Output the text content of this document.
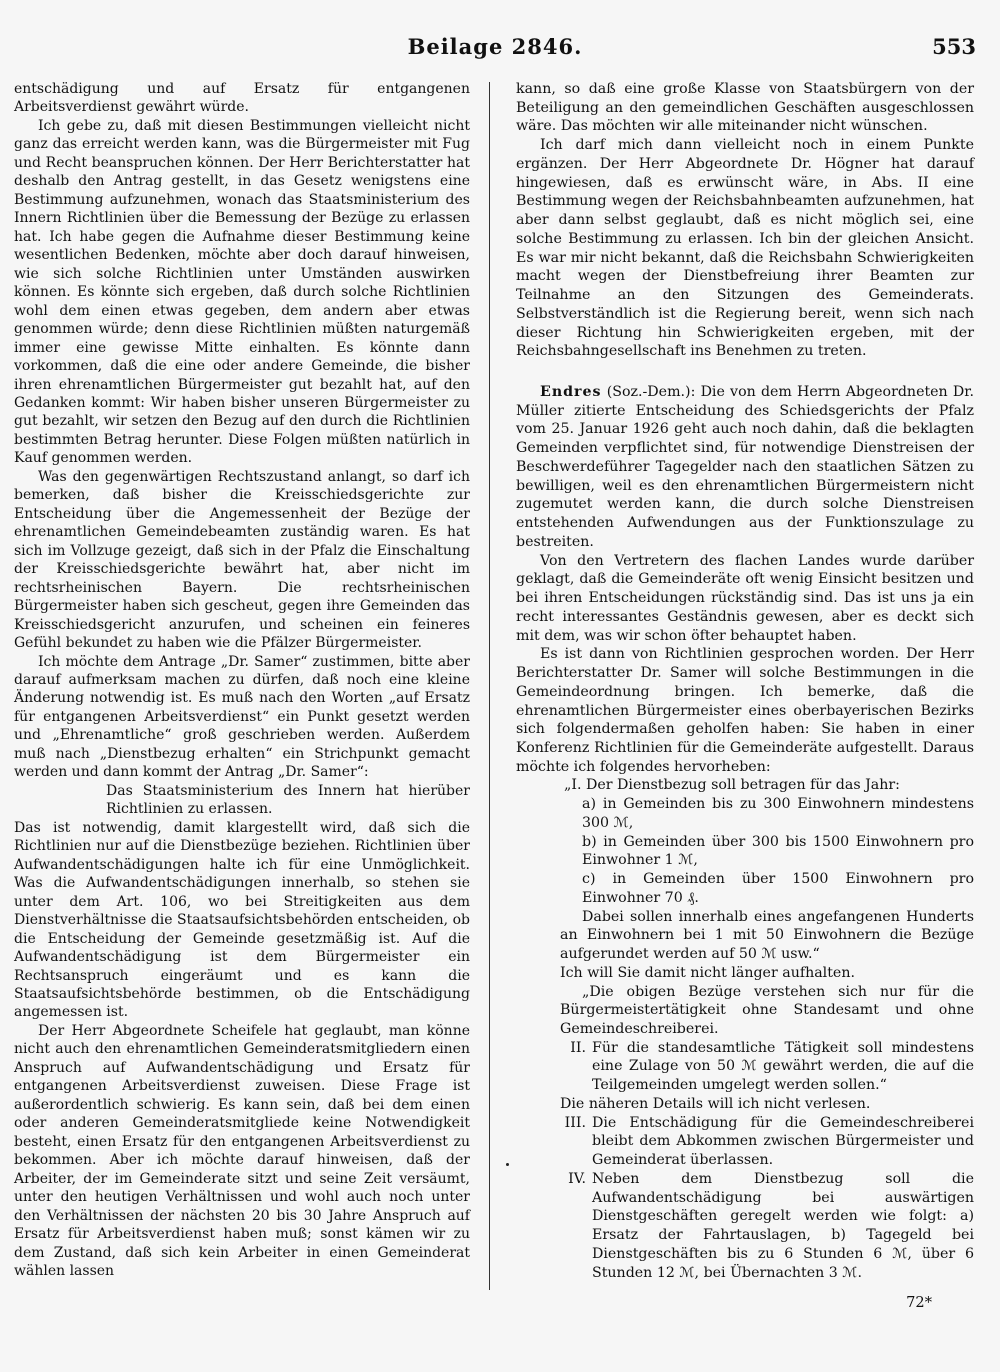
Beilage 2846.	553

entschädigung und auf Ersatz für entgangenen Arbeitsverdienst gewährt würde.

Ich gebe zu, daß mit diesen Bestimmungen vielleicht nicht ganz das erreicht werden kann, was die Bürgermeister mit Fug und Recht beanspruchen können. Der Herr Berichterstatter hat deshalb den Antrag gestellt, in das Gesetz wenigstens eine Bestimmung aufzunehmen, wonach das Staatsministerium des Innern Richtlinien über die Bemessung der Bezüge zu erlassen hat. Ich habe gegen die Aufnahme dieser Bestimmung keine wesentlichen Bedenken, möchte aber doch darauf hinweisen, wie sich solche Richtlinien unter Umständen auswirken können. Es könnte sich ergeben, daß durch solche Richtlinien wohl dem einen etwas gegeben, dem andern aber etwas genommen würde; denn diese Richtlinien müßten naturgemäß immer eine gewisse Mitte einhalten. Es könnte dann vorkommen, daß die eine oder andere Gemeinde, die bisher ihren ehrenamtlichen Bürgermeister gut bezahlt hat, auf den Gedanken kommt: Wir haben bisher unseren Bürgermeister zu gut bezahlt, wir setzen den Bezug auf den durch die Richtlinien bestimmten Betrag herunter. Diese Folgen müßten natürlich in Kauf genommen werden.

Was den gegenwärtigen Rechtszustand anlangt, so darf ich bemerken, daß bisher die Kreisschiedsgerichte zur Entscheidung über die Angemessenheit der Bezüge der ehrenamtlichen Gemeindebeamten zuständig waren. Es hat sich im Vollzuge gezeigt, daß sich in der Pfalz die Einschaltung der Kreisschiedsgerichte bewährt hat, aber nicht im rechtsrheinischen Bayern. Die rechtsrheinischen Bürgermeister haben sich gescheut, gegen ihre Gemeinden das Kreisschiedsgericht anzurufen, und scheinen ein feineres Gefühl bekundet zu haben wie die Pfälzer Bürgermeister.

Ich möchte dem Antrage „Dr. Samer“ zustimmen, bitte aber darauf aufmerksam machen zu dürfen, daß noch eine kleine Änderung notwendig ist. Es muß nach den Worten „auf Ersatz für entgangenen Arbeitsverdienst“ ein Punkt gesetzt werden und „Ehrenamtliche“ groß geschrieben werden. Außerdem muß nach „Dienstbezug erhalten“ ein Strichpunkt gemacht werden und dann kommt der Antrag „Dr. Samer“:

Das Staatsministerium des Innern hat hierüber Richtlinien zu erlassen.

Das ist notwendig, damit klargestellt wird, daß sich die Richtlinien nur auf die Dienstbezüge beziehen. Richtlinien über Aufwandentschädigungen halte ich für eine Unmöglichkeit. Was die Aufwandentschädigungen innerhalb, so stehen sie unter dem Art. 106, wo bei Streitigkeiten aus dem Dienstverhältnisse die Staatsaufsichtsbehörden entscheiden, ob die Entscheidung der Gemeinde gesetzmäßig ist. Auf die Aufwandentschädigung ist dem Bürgermeister ein Rechtsanspruch eingeräumt und es kann die Staatsaufsichtsbehörde bestimmen, ob die Entschädigung angemessen ist.

Der Herr Abgeordnete Scheifele hat geglaubt, man könne nicht auch den ehrenamtlichen Gemeinderatsmitgliedern einen Anspruch auf Aufwandentschädigung und Ersatz für entgangenen Arbeitsverdienst zuweisen. Diese Frage ist außerordentlich schwierig. Es kann sein, daß bei dem einen oder anderen Gemeinderatsmitgliede keine Notwendigkeit besteht, einen Ersatz für den entgangenen Arbeitsverdienst zu bekommen. Aber ich möchte darauf hinweisen, daß der Arbeiter, der im Gemeinderate sitzt und seine Zeit versäumt, unter den heutigen Verhältnissen und wohl auch noch unter den Verhältnissen der nächsten 20 bis 30 Jahre Anspruch auf Ersatz für Arbeitsverdienst haben muß; sonst kämen wir zu dem Zustand, daß sich kein Arbeiter in einen Gemeinderat wählen lassen

kann, so daß eine große Klasse von Staatsbürgern von der Beteiligung an den gemeindlichen Geschäften ausgeschlossen wäre. Das möchten wir alle miteinander nicht wünschen.

Ich darf mich dann vielleicht noch in einem Punkte ergänzen. Der Herr Abgeordnete Dr. Högner hat darauf hingewiesen, daß es erwünscht wäre, in Abs. II eine Bestimmung wegen der Reichsbahnbeamten aufzunehmen, hat aber dann selbst geglaubt, daß es nicht möglich sei, eine solche Bestimmung zu erlassen. Ich bin der gleichen Ansicht. Es war mir nicht bekannt, daß die Reichsbahn Schwierigkeiten macht wegen der Dienstbefreiung ihrer Beamten zur Teilnahme an den Sitzungen des Gemeinderats. Selbstverständlich ist die Regierung bereit, wenn sich nach dieser Richtung hin Schwierigkeiten ergeben, mit der Reichsbahngesellschaft ins Benehmen zu treten.

Endres (Soz.-Dem.): Die von dem Herrn Abgeordneten Dr. Müller zitierte Entscheidung des Schiedsgerichts der Pfalz vom 25. Januar 1926 geht auch noch dahin, daß die beklagten Gemeinden verpflichtet sind, für notwendige Dienstreisen der Beschwerdeführer Tagegelder nach den staatlichen Sätzen zu bewilligen, weil es den ehrenamtlichen Bürgermeistern nicht zugemutet werden kann, die durch solche Dienstreisen entstehenden Aufwendungen aus der Funktionszulage zu bestreiten.

Von den Vertretern des flachen Landes wurde darüber geklagt, daß die Gemeinderäte oft wenig Einsicht besitzen und bei ihren Entscheidungen rückständig sind. Das ist uns ja ein recht interessantes Geständnis gewesen, aber es deckt sich mit dem, was wir schon öfter behauptet haben.

Es ist dann von Richtlinien gesprochen worden. Der Herr Berichterstatter Dr. Samer will solche Bestimmungen in die Gemeindeordnung bringen. Ich bemerke, daß die ehrenamtlichen Bürgermeister eines oberbayerischen Bezirks sich folgendermaßen geholfen haben: Sie haben in einer Konferenz Richtlinien für die Gemeinderäte aufgestellt. Daraus möchte ich folgendes hervorheben:

„I. Der Dienstbezug soll betragen für das Jahr:

a) in Gemeinden bis zu 300 Einwohnern mindestens 300 ℳ,

b) in Gemeinden über 300 bis 1500 Einwohnern pro Einwohner 1 ℳ,

c) in Gemeinden über 1500 Einwohnern pro Einwohner 70 ₰.

Dabei sollen innerhalb eines angefangenen Hunderts an Einwohnern bei 1 mit 50 Einwohnern die Bezüge aufgerundet werden auf 50 ℳ usw.“

Ich will Sie damit nicht länger aufhalten.

„Die obigen Bezüge verstehen sich nur für die Bürgermeistertätigkeit ohne Standesamt und ohne Gemeindeschreiberei.

II. Für die standesamtliche Tätigkeit soll mindestens eine Zulage von 50 ℳ gewährt werden, die auf die Teilgemeinden umgelegt werden sollen.“

Die näheren Details will ich nicht verlesen.

III. Die Entschädigung für die Gemeindeschreiberei bleibt dem Abkommen zwischen Bürgermeister und Gemeinderat überlassen.
IV. Neben dem Dienstbezug soll die Aufwandentschädigung bei auswärtigen Dienstgeschäften geregelt werden wie folgt: a) Ersatz der Fahrtauslagen, b) Tagegeld bei Dienstgeschäften bis zu 6 Stunden 6 ℳ, über 6 Stunden 12 ℳ, bei Übernachten 3 ℳ.
72*
